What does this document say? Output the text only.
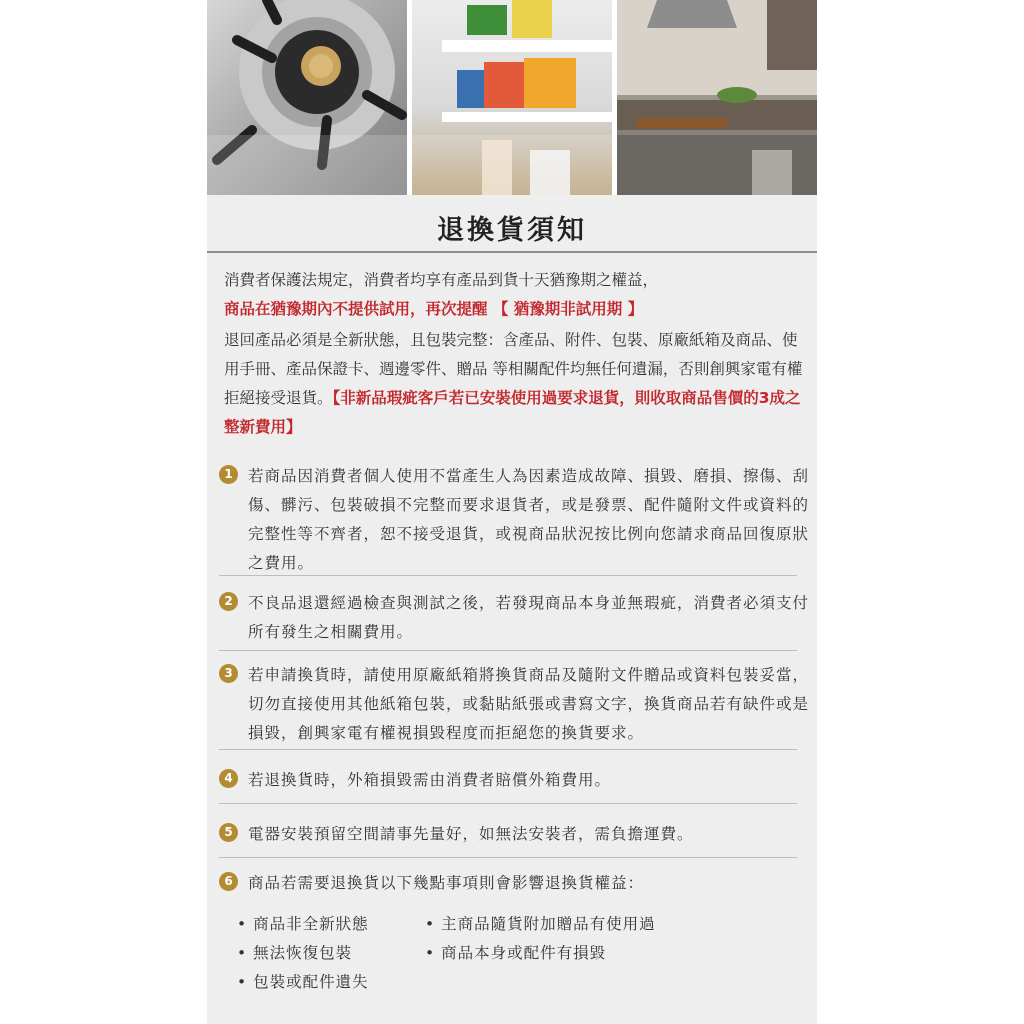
退換貨須知

消費者保護法規定，消費者均享有產品到貨十天猶豫期之權益，

商品在猶豫期內不提供試用，再次提醒 【 猶豫期非試用期 】

退回產品必須是全新狀態，且包裝完整：含產品、附件、包裝、原廠紙箱及商品、使用手冊、產品保證卡、週邊零件、贈品 等相關配件均無任何遺漏，否則創興家電有權拒絕接受退貨。【非新品瑕疵客戶若已安裝使用過要求退貨，則收取商品售價的3成之整新費用】

1 若商品因消費者個人使用不當產生人為因素造成故障、損毀、磨損、擦傷、刮傷、髒污、包裝破損不完整而要求退貨者，或是發票、配件隨附文件或資料的完整性等不齊者，恕不接受退貨，或視商品狀況按比例向您請求商品回復原狀之費用。
2 不良品退還經過檢查與測試之後，若發現商品本身並無瑕疵，消費者必須支付所有發生之相關費用。
3 若申請換貨時，請使用原廠紙箱將換貨商品及隨附文件贈品或資料包裝妥當，切勿直接使用其他紙箱包裝，或黏貼紙張或書寫文字，換貨商品若有缺件或是損毀，創興家電有權視損毀程度而拒絕您的換貨要求。
4 若退換貨時，外箱損毀需由消費者賠償外箱費用。
5 電器安裝預留空間請事先量好，如無法安裝者，需負擔運費。
6 商品若需要退換貨以下幾點事項則會影響退換貨權益：
• 商品非全新狀態	• 主商品隨貨附加贈品有使用過
• 無法恢復包裝	• 商品本身或配件有損毀
• 包裝或配件遺失
